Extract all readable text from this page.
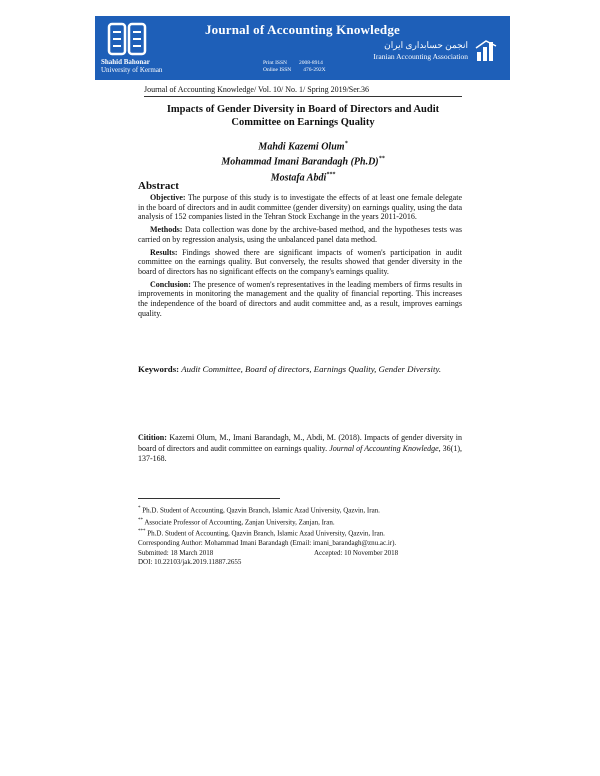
Shahid Bahonar
University of Kerman
Journal of Accounting Knowledge
Print ISSN 2008-8914
Online ISSN 476-292X
انجمن حسابداری ایران
Iranian Accounting Association
Journal of Accounting Knowledge/ Vol. 10/ No. 1/ Spring 2019/Ser.36
Impacts of Gender Diversity in Board of Directors and Audit
Committee on Earnings Quality
Mahdi Kazemi Olum*
Mohammad Imani Barandagh (Ph.D)**
Mostafa Abdi***
Abstract

Objective: The purpose of this study is to investigate the effects of at least one female delegate in the board of directors and in audit committee (gender diversity) on earnings quality, using the data analysis of 152 companies listed in the Tehran Stock Exchange in the years 2011-2016.

Methods: Data collection was done by the archive-based method, and the hypotheses tests was carried on by regression analysis, using the unbalanced panel data method.

Results: Findings showed there are significant impacts of women's participation in audit committee on the earnings quality. But conversely, the results showed that gender diversity in the board of directors has no significant effects on the company's earnings quality.

Conclusion: The presence of women's representatives in the leading members of firms results in improvements in monitoring the management and the quality of financial reporting. This increases the independence of the board of directors and audit committee and, as a result, improves earnings quality.

Keywords: Audit Committee, Board of directors, Earnings Quality, Gender Diversity.
Citition: Kazemi Olum, M., Imani Barandagh, M., Abdi, M. (2018). Impacts of gender diversity in board of directors and audit committee on earnings quality. Journal of Accounting Knowledge, 36(1), 137-168.
* Ph.D. Student of Accounting, Qazvin Branch, Islamic Azad University, Qazvin, Iran.
** Associate Professor of Accounting, Zanjan University, Zanjan, Iran.
*** Ph.D. Student of Accounting, Qazvin Branch, Islamic Azad University, Qazvin, Iran.
Corresponding Author: Mohammad Imani Barandagh (Email: imani_barandagh@znu.ac.ir).
Submitted: 18 March 2018	Accepted: 10 November 2018
DOI: 10.22103/jak.2019.11887.2655
